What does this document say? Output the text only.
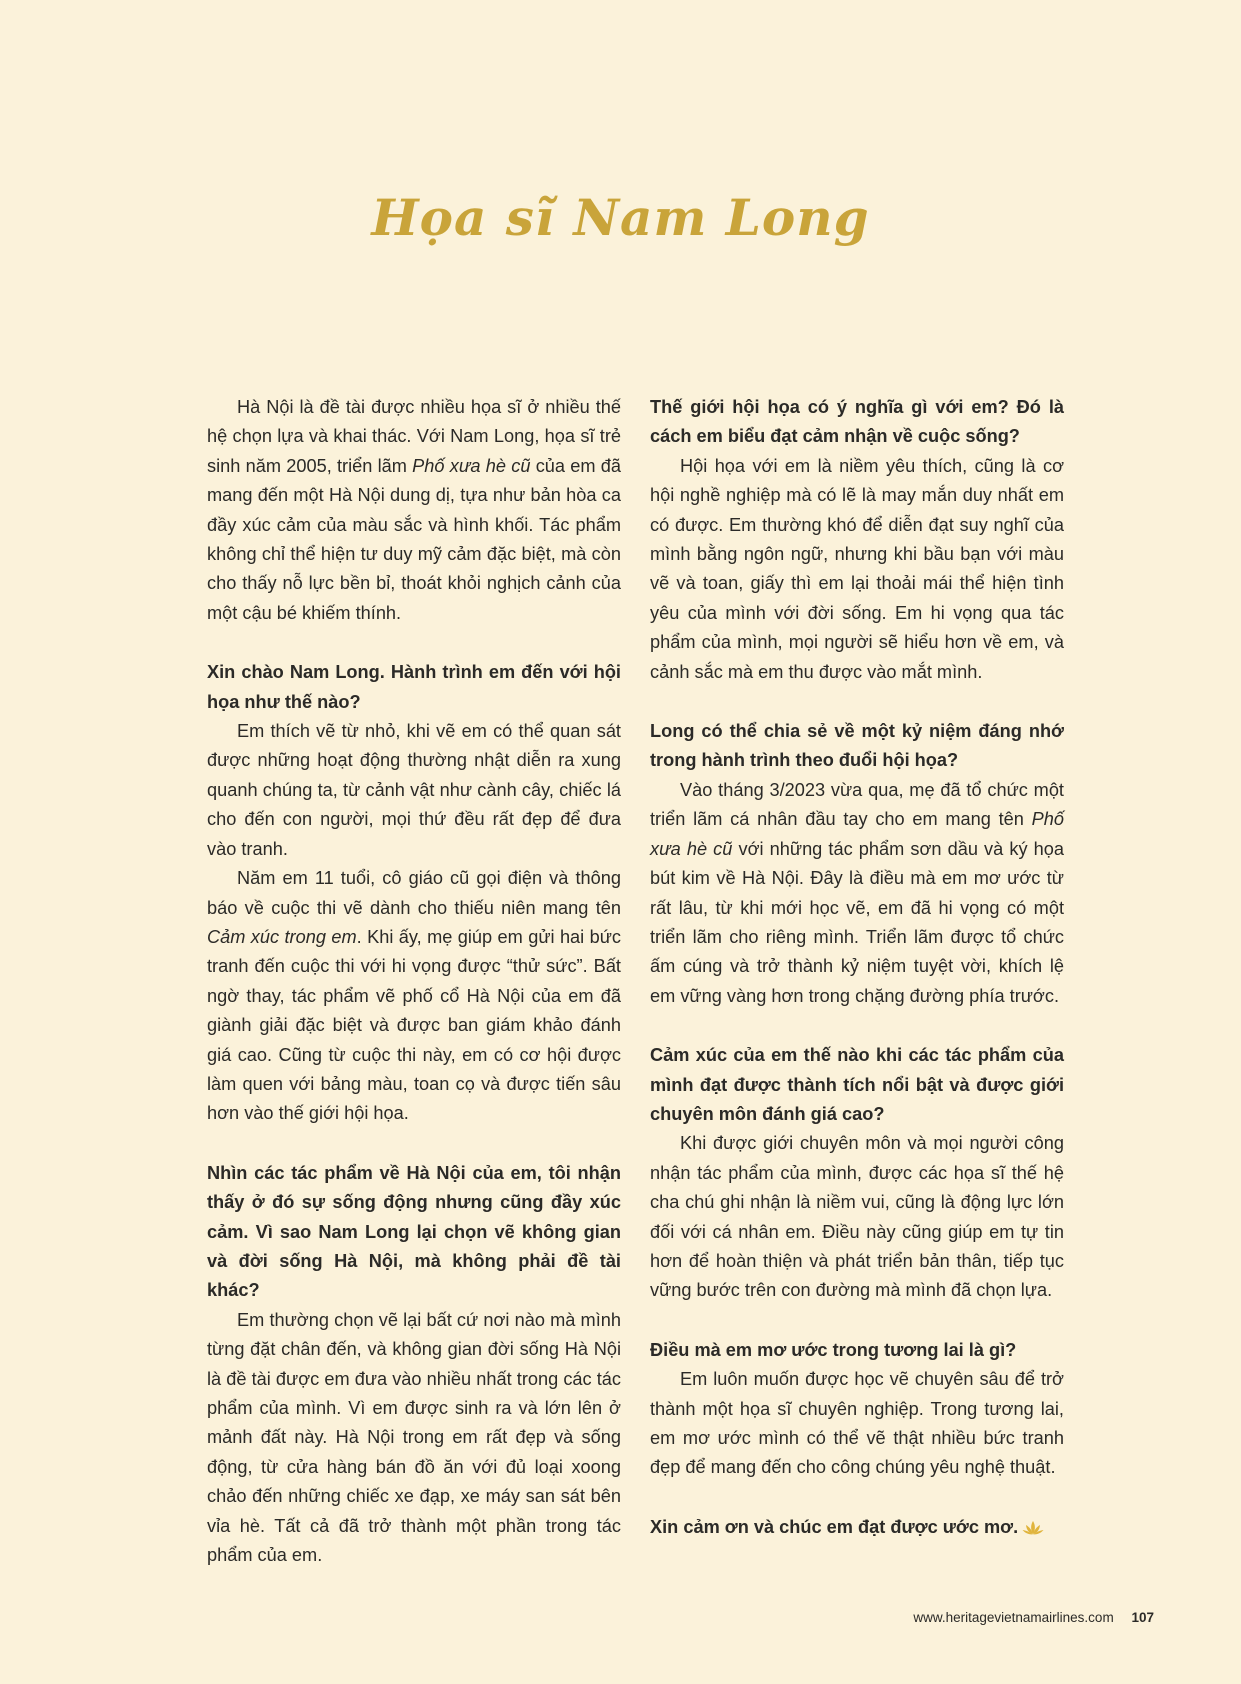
Họa sĩ Nam Long

Hà Nội là đề tài được nhiều họa sĩ ở nhiều thế hệ chọn lựa và khai thác. Với Nam Long, họa sĩ trẻ sinh năm 2005, triển lãm Phố xưa hè cũ của em đã mang đến một Hà Nội dung dị, tựa như bản hòa ca đầy xúc cảm của màu sắc và hình khối. Tác phẩm không chỉ thể hiện tư duy mỹ cảm đặc biệt, mà còn cho thấy nỗ lực bền bỉ, thoát khỏi nghịch cảnh của một cậu bé khiếm thính.

Xin chào Nam Long. Hành trình em đến với hội họa như thế nào?

Em thích vẽ từ nhỏ, khi vẽ em có thể quan sát được những hoạt động thường nhật diễn ra xung quanh chúng ta, từ cảnh vật như cành cây, chiếc lá cho đến con người, mọi thứ đều rất đẹp để đưa vào tranh.

Năm em 11 tuổi, cô giáo cũ gọi điện và thông báo về cuộc thi vẽ dành cho thiếu niên mang tên Cảm xúc trong em. Khi ấy, mẹ giúp em gửi hai bức tranh đến cuộc thi với hi vọng được “thử sức”. Bất ngờ thay, tác phẩm vẽ phố cổ Hà Nội của em đã giành giải đặc biệt và được ban giám khảo đánh giá cao. Cũng từ cuộc thi này, em có cơ hội được làm quen với bảng màu, toan cọ và được tiến sâu hơn vào thế giới hội họa.

Nhìn các tác phẩm về Hà Nội của em, tôi nhận thấy ở đó sự sống động nhưng cũng đầy xúc cảm. Vì sao Nam Long lại chọn vẽ không gian và đời sống Hà Nội, mà không phải đề tài khác?

Em thường chọn vẽ lại bất cứ nơi nào mà mình từng đặt chân đến, và không gian đời sống Hà Nội là đề tài được em đưa vào nhiều nhất trong các tác phẩm của mình. Vì em được sinh ra và lớn lên ở mảnh đất này. Hà Nội trong em rất đẹp và sống động, từ cửa hàng bán đồ ăn với đủ loại xoong chảo đến những chiếc xe đạp, xe máy san sát bên vỉa hè. Tất cả đã trở thành một phần trong tác phẩm của em.

Thế giới hội họa có ý nghĩa gì với em? Đó là cách em biểu đạt cảm nhận về cuộc sống?

Hội họa với em là niềm yêu thích, cũng là cơ hội nghề nghiệp mà có lẽ là may mắn duy nhất em có được. Em thường khó để diễn đạt suy nghĩ của mình bằng ngôn ngữ, nhưng khi bầu bạn với màu vẽ và toan, giấy thì em lại thoải mái thể hiện tình yêu của mình với đời sống. Em hi vọng qua tác phẩm của mình, mọi người sẽ hiểu hơn về em, và cảnh sắc mà em thu được vào mắt mình.

Long có thể chia sẻ về một kỷ niệm đáng nhớ trong hành trình theo đuổi hội họa?

Vào tháng 3/2023 vừa qua, mẹ đã tổ chức một triển lãm cá nhân đầu tay cho em mang tên Phố xưa hè cũ với những tác phẩm sơn dầu và ký họa bút kim về Hà Nội. Đây là điều mà em mơ ước từ rất lâu, từ khi mới học vẽ, em đã hi vọng có một triển lãm cho riêng mình. Triển lãm được tổ chức ấm cúng và trở thành kỷ niệm tuyệt vời, khích lệ em vững vàng hơn trong chặng đường phía trước.

Cảm xúc của em thế nào khi các tác phẩm của mình đạt được thành tích nổi bật và được giới chuyên môn đánh giá cao?

Khi được giới chuyên môn và mọi người công nhận tác phẩm của mình, được các họa sĩ thế hệ cha chú ghi nhận là niềm vui, cũng là động lực lớn đối với cá nhân em. Điều này cũng giúp em tự tin hơn để hoàn thiện và phát triển bản thân, tiếp tục vững bước trên con đường mà mình đã chọn lựa.

Điều mà em mơ ước trong tương lai là gì?

Em luôn muốn được học vẽ chuyên sâu để trở thành một họa sĩ chuyên nghiệp. Trong tương lai, em mơ ước mình có thể vẽ thật nhiều bức tranh đẹp để mang đến cho công chúng yêu nghệ thuật.

Xin cảm ơn và chúc em đạt được ước mơ.

www.heritagevietnamairlines.com 107
